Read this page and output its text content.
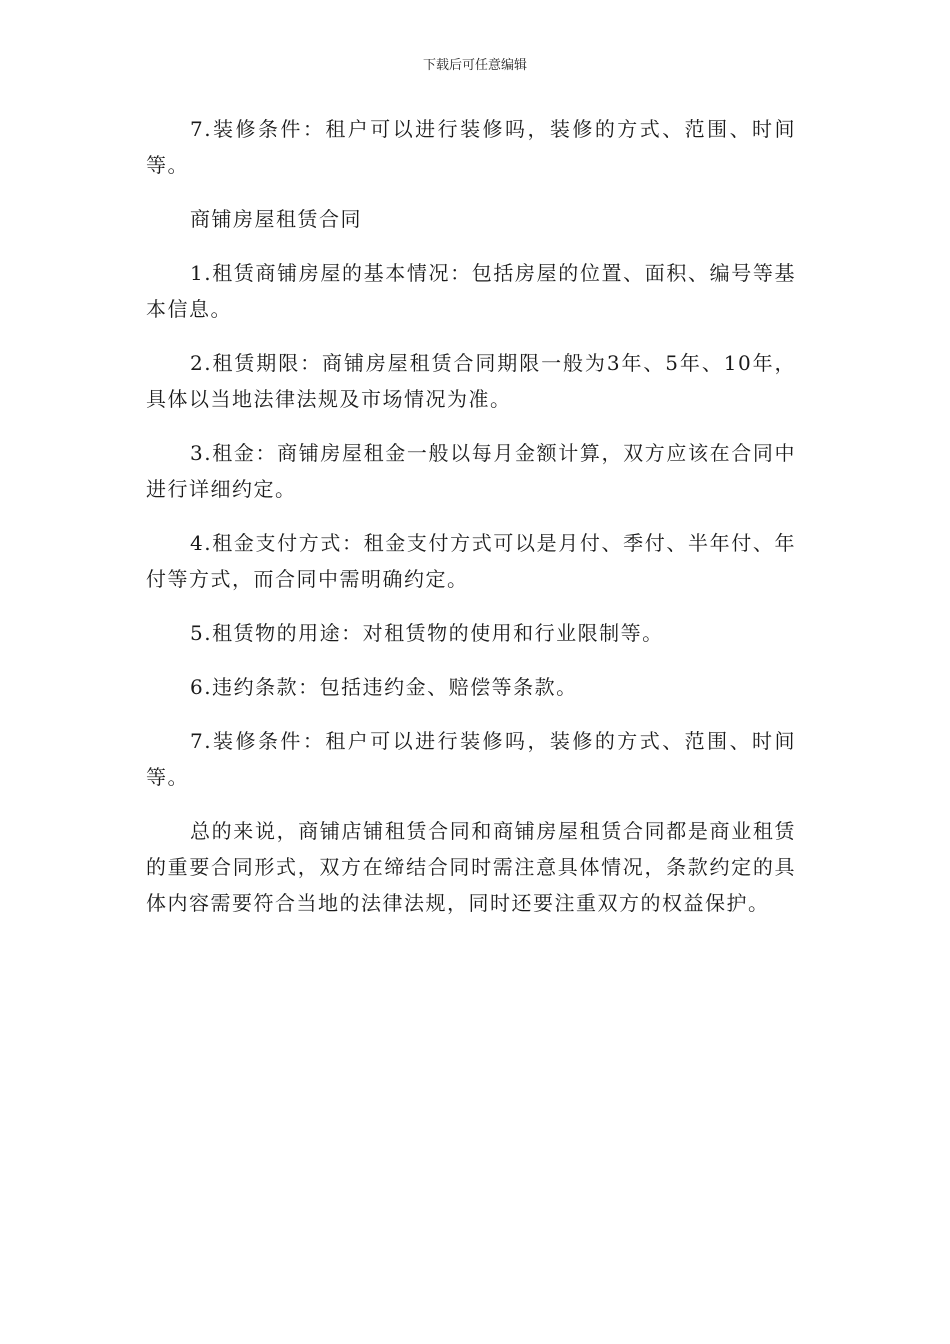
下载后可任意编辑

7.装修条件：租户可以进行装修吗，装修的方式、范围、时间等。

商铺房屋租赁合同

1.租赁商铺房屋的基本情况：包括房屋的位置、面积、编号等基本信息。

2.租赁期限：商铺房屋租赁合同期限一般为3年、5年、10年，具体以当地法律法规及市场情况为准。

3.租金：商铺房屋租金一般以每月金额计算，双方应该在合同中进行详细约定。

4.租金支付方式：租金支付方式可以是月付、季付、半年付、年付等方式，而合同中需明确约定。

5.租赁物的用途：对租赁物的使用和行业限制等。

6.违约条款：包括违约金、赔偿等条款。

7.装修条件：租户可以进行装修吗，装修的方式、范围、时间等。

总的来说，商铺店铺租赁合同和商铺房屋租赁合同都是商业租赁的重要合同形式，双方在缔结合同时需注意具体情况，条款约定的具体内容需要符合当地的法律法规，同时还要注重双方的权益保护。
